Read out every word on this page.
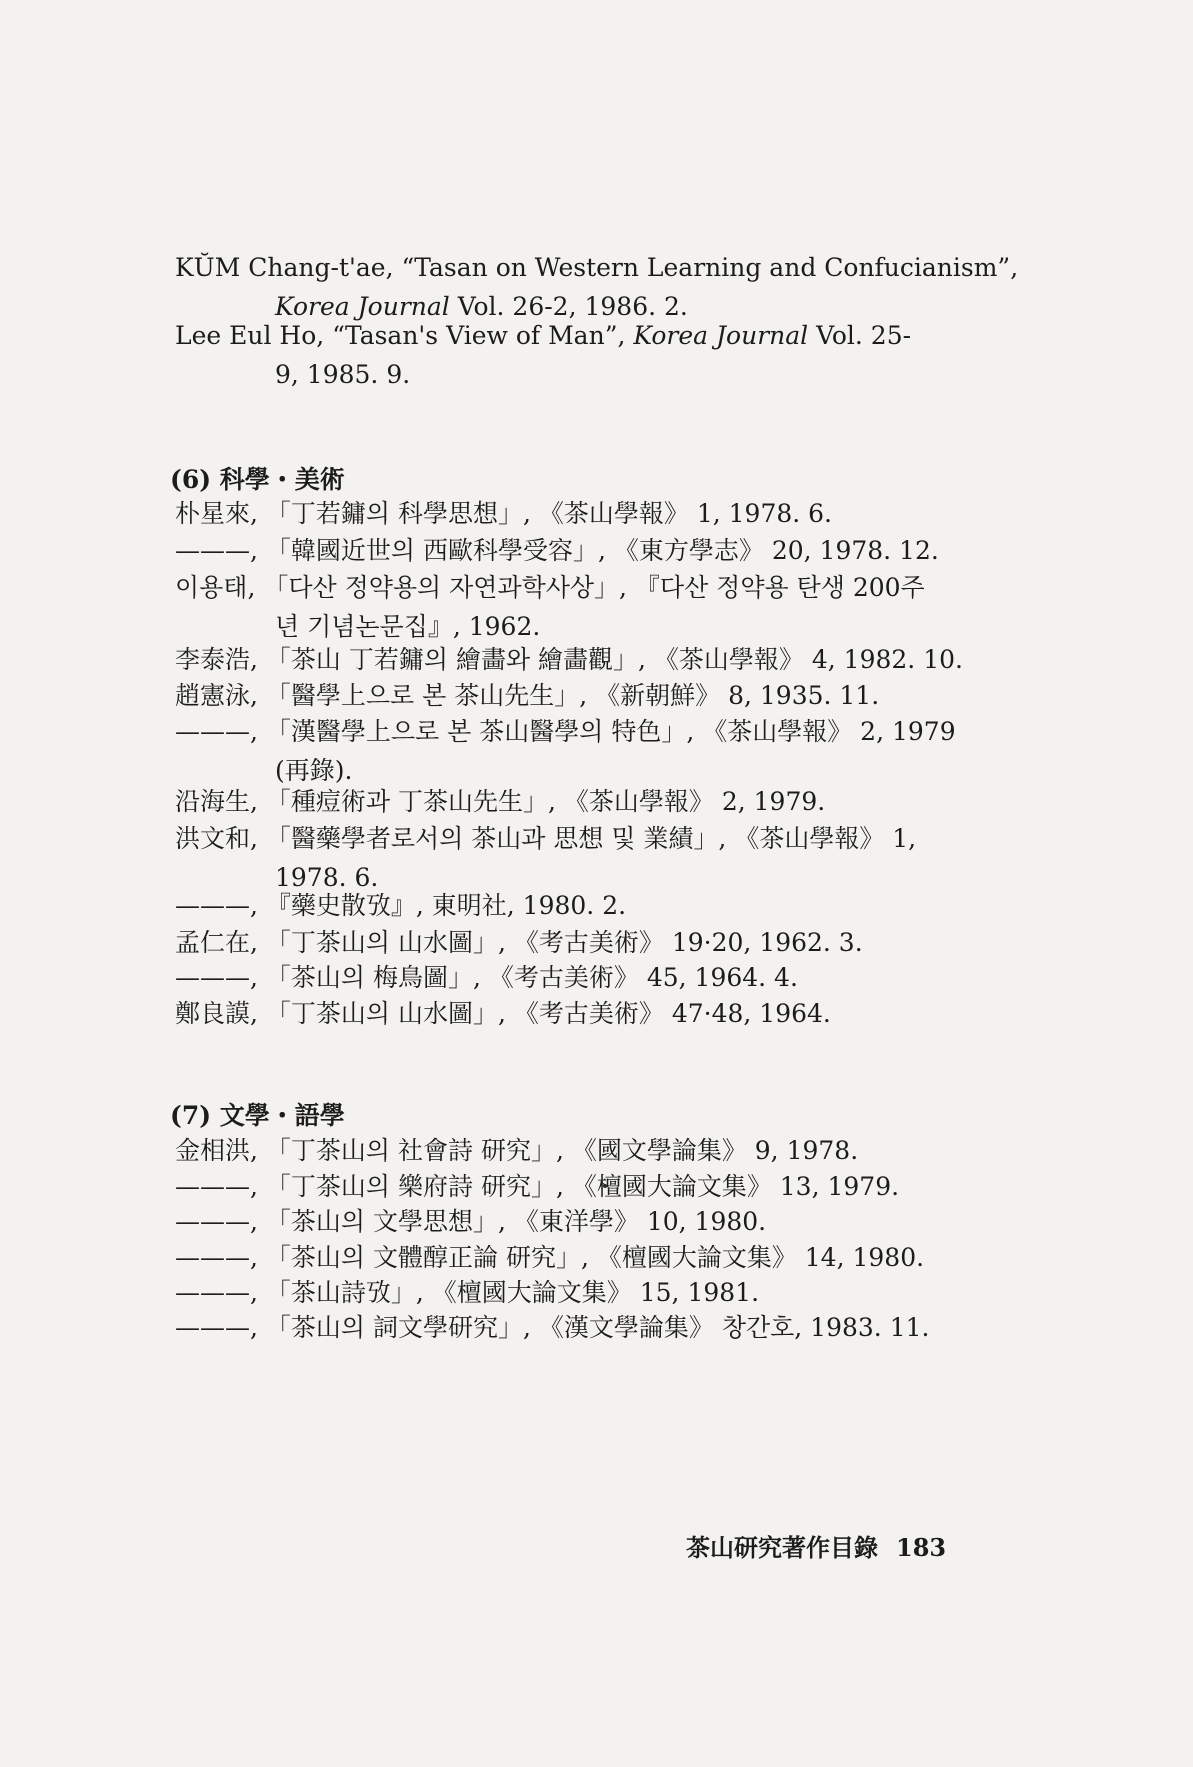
KŬM Chang-t'ae, “Tasan on Western Learning and Confucianism”,
Korea Journal Vol. 26-2, 1986. 2.
Lee Eul Ho, “Tasan's View of Man”, Korea Journal Vol. 25-
9, 1985. 9.
(6) 科學・美術
朴星來, 「丁若鏞의 科學思想」, 《茶山學報》 1, 1978. 6.
———, 「韓國近世의 西歐科學受容」, 《東方學志》 20, 1978. 12.
이용태, 「다산 정약용의 자연과학사상」, 『다산 정약용 탄생 200주
년 기념논문집』, 1962.
李泰浩, 「茶山 丁若鏞의 繪畵와 繪畵觀」, 《茶山學報》 4, 1982. 10.
趙憲泳, 「醫學上으로 본 茶山先生」, 《新朝鮮》 8, 1935. 11.
———, 「漢醫學上으로 본 茶山醫學의 特色」, 《茶山學報》 2, 1979
(再錄).
沿海生, 「種痘術과 丁茶山先生」, 《茶山學報》 2, 1979.
洪文和, 「醫藥學者로서의 茶山과 思想 및 業績」, 《茶山學報》 1,
1978. 6.
———, 『藥史散攷』, 東明社, 1980. 2.
孟仁在, 「丁茶山의 山水圖」, 《考古美術》 19·20, 1962. 3.
———, 「茶山의 梅鳥圖」, 《考古美術》 45, 1964. 4.
鄭良謨, 「丁茶山의 山水圖」, 《考古美術》 47·48, 1964.
(7) 文學・語學
金相洪, 「丁茶山의 社會詩 研究」, 《國文學論集》 9, 1978.
———, 「丁茶山의 樂府詩 研究」, 《檀國大論文集》 13, 1979.
———, 「茶山의 文學思想」, 《東洋學》 10, 1980.
———, 「茶山의 文體醇正論 研究」, 《檀國大論文集》 14, 1980.
———, 「茶山詩攷」, 《檀國大論文集》 15, 1981.
———, 「茶山의 詞文學研究」, 《漢文學論集》 창간호, 1983. 11.
茶山研究著作目錄 183
